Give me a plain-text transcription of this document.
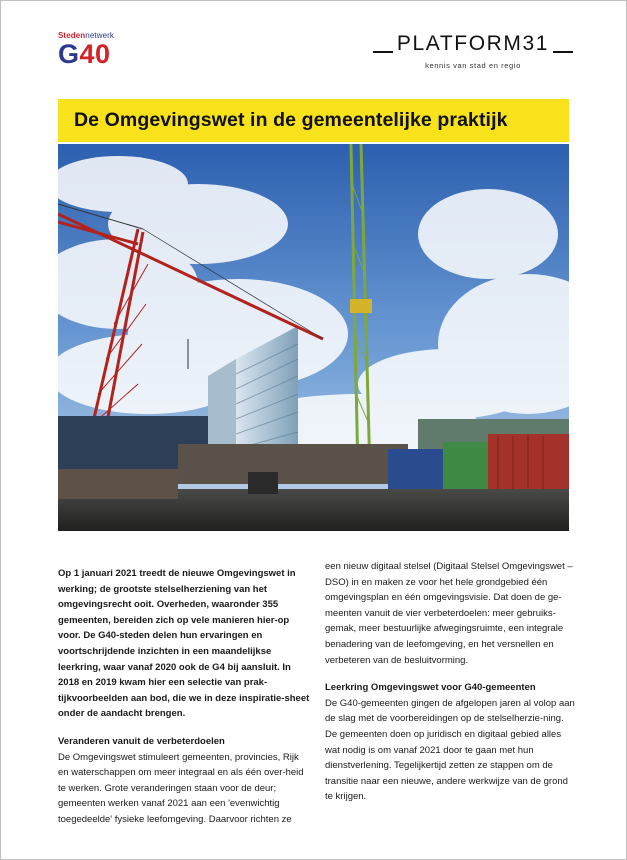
Stedennetwerk
G40	PLATFORM31
kennis van stad en regio
De Omgevingswet in de gemeentelijke praktijk

Op 1 januari 2021 treedt de nieuwe Omgevingswet in werking; de grootste stelselherziening van het omgevingsrecht ooit. Overheden, waaronder 355 gemeenten, bereiden zich op vele manieren hier-op voor. De G40-steden delen hun ervaringen en voortschrijdende inzichten in een maandelijkse leerkring, waar vanaf 2020 ook de G4 bij aansluit. In 2018 en 2019 kwam hier een selectie van prak-tijkvoorbeelden aan bod, die we in deze inspiratie-sheet onder de aandacht brengen.

Veranderen vanuit de verbeterdoelen

De Omgevingswet stimuleert gemeenten, provincies, Rijk en waterschappen om meer integraal en als één over-heid te werken. Grote veranderingen staan voor de deur; gemeenten werken vanaf 2021 aan een 'evenwichtig toegedeelde' fysieke leefomgeving. Daarvoor richten ze

een nieuw digitaal stelsel (Digitaal Stelsel Omgevingswet – DSO) in en maken ze voor het hele grondgebied één omgevingsplan en één omgevingsvisie. Dat doen de ge-meenten vanuit de vier verbeterdoelen: meer gebruiks-gemak, meer bestuurlijke afwegingsruimte, een integrale benadering van de leefomgeving, en het versnellen en verbeteren van de besluitvorming.

Leerkring Omgevingswet voor G40-gemeenten

De G40-gemeenten gingen de afgelopen jaren al volop aan de slag met de voorbereidingen op de stelselherzie-ning. De gemeenten doen op juridisch en digitaal gebied alles wat nodig is om vanaf 2021 door te gaan met hun dienstverlening. Tegelijkertijd zetten ze stappen om de transitie naar een nieuwe, andere werkwijze van de grond te krijgen.
